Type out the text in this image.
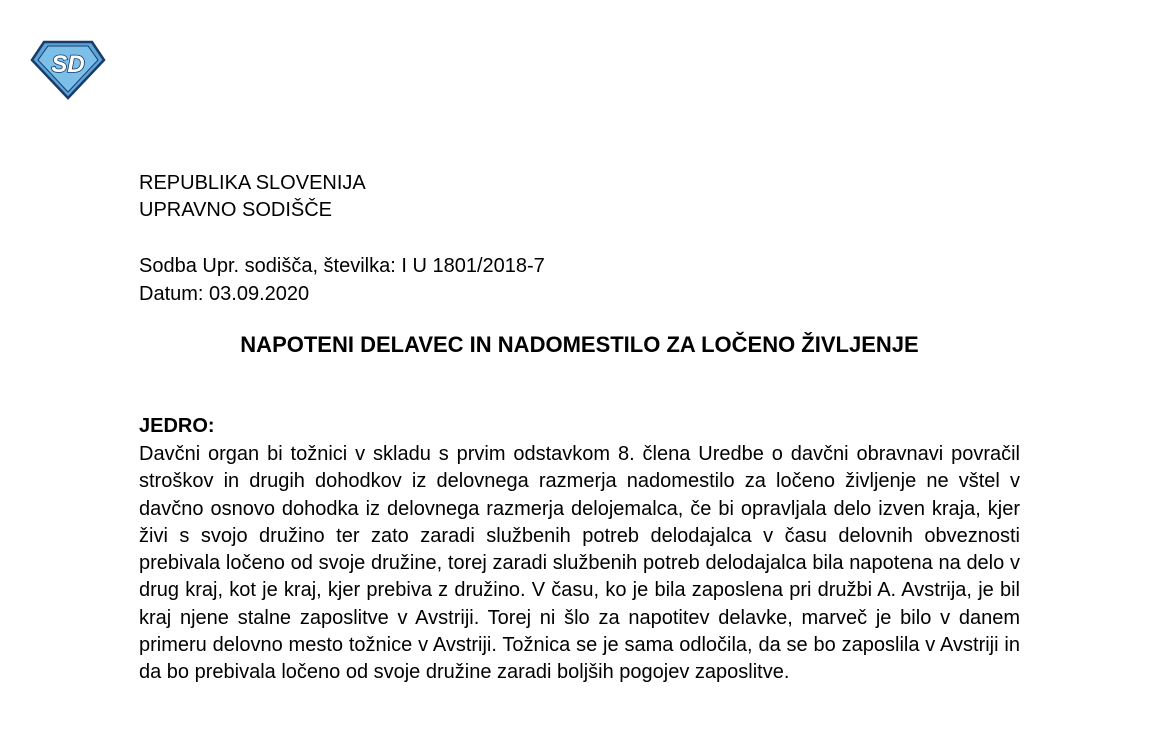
SD
REPUBLIKA SLOVENIJA
UPRAVNO SODIŠČE
Sodba Upr. sodišča, številka: I U 1801/2018-7
Datum: 03.09.2020
NAPOTENI DELAVEC IN NADOMESTILO ZA LOČENO ŽIVLJENJE
JEDRO:

Davčni organ bi tožnici v skladu s prvim odstavkom 8. člena Uredbe o davčni obravnavi povračil stroškov in drugih dohodkov iz delovnega razmerja nadomestilo za ločeno življenje ne vštel v davčno osnovo dohodka iz delovnega razmerja delojemalca, če bi opravljala delo izven kraja, kjer živi s svojo družino ter zato zaradi službenih potreb delodajalca v času delovnih obveznosti prebivala ločeno od svoje družine, torej zaradi službenih potreb delodajalca bila napotena na delo v drug kraj, kot je kraj, kjer prebiva z družino. V času, ko je bila zaposlena pri družbi A. Avstrija, je bil kraj njene stalne zaposlitve v Avstriji. Torej ni šlo za napotitev delavke, marveč je bilo v danem primeru delovno mesto tožnice v Avstriji. Tožnica se je sama odločila, da se bo zaposlila v Avstriji in da bo prebivala ločeno od svoje družine zaradi boljših pogojev zaposlitve.
